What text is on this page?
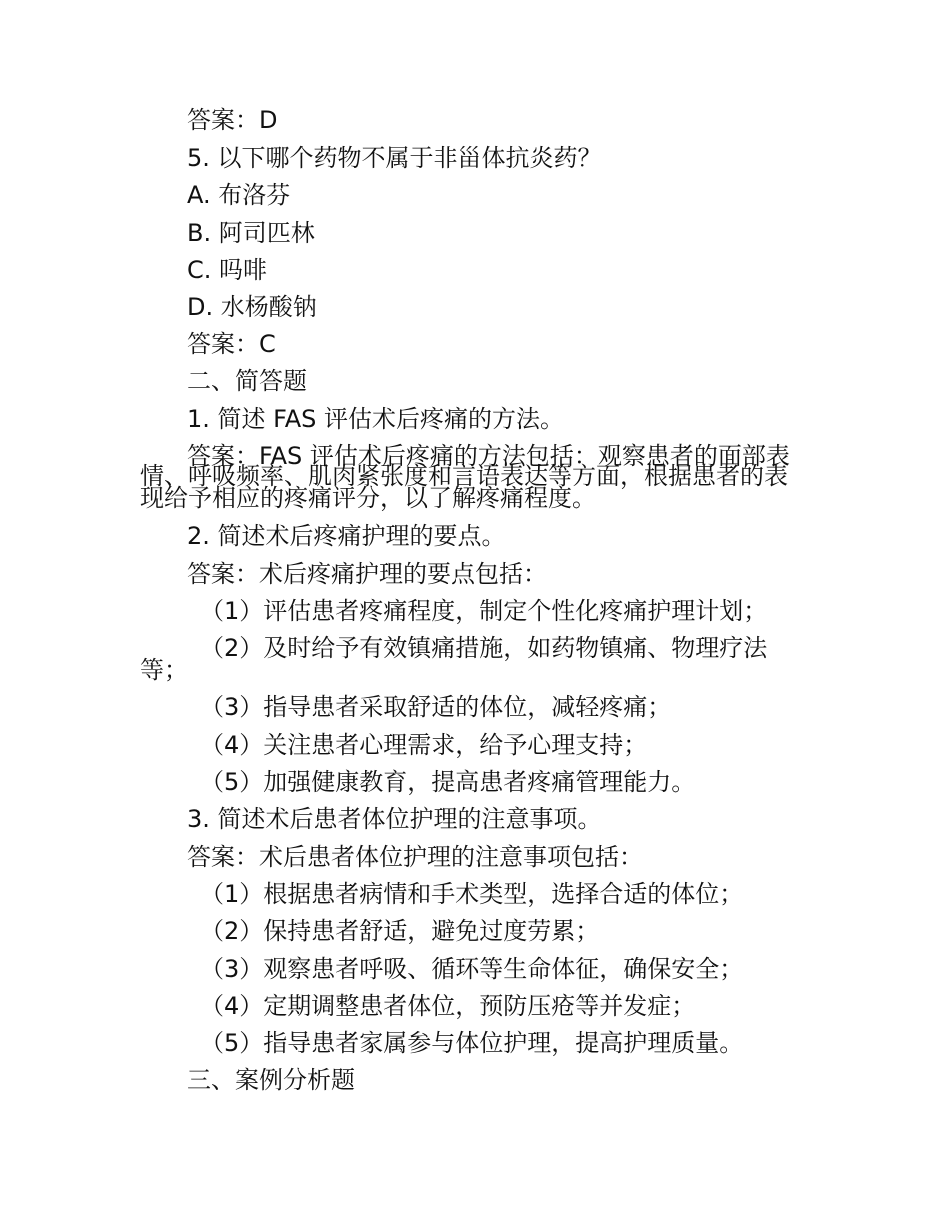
答案：D

5. 以下哪个药物不属于非甾体抗炎药？

A. 布洛芬

B. 阿司匹林

C. 吗啡

D. 水杨酸钠

答案：C

二、简答题

1. 简述 FAS 评估术后疼痛的方法。

答案：FAS 评估术后疼痛的方法包括：观察患者的面部表

情、呼吸频率、肌肉紧张度和言语表达等方面，根据患者的表

现给予相应的疼痛评分，以了解疼痛程度。

2. 简述术后疼痛护理的要点。

答案：术后疼痛护理的要点包括：

（1）评估患者疼痛程度，制定个性化疼痛护理计划；

（2）及时给予有效镇痛措施，如药物镇痛、物理疗法

等；

（3）指导患者采取舒适的体位，减轻疼痛；

（4）关注患者心理需求，给予心理支持；

（5）加强健康教育，提高患者疼痛管理能力。

3. 简述术后患者体位护理的注意事项。

答案：术后患者体位护理的注意事项包括：

（1）根据患者病情和手术类型，选择合适的体位；

（2）保持患者舒适，避免过度劳累；

（3）观察患者呼吸、循环等生命体征，确保安全；

（4）定期调整患者体位，预防压疮等并发症；

（5）指导患者家属参与体位护理，提高护理质量。

三、案例分析题
